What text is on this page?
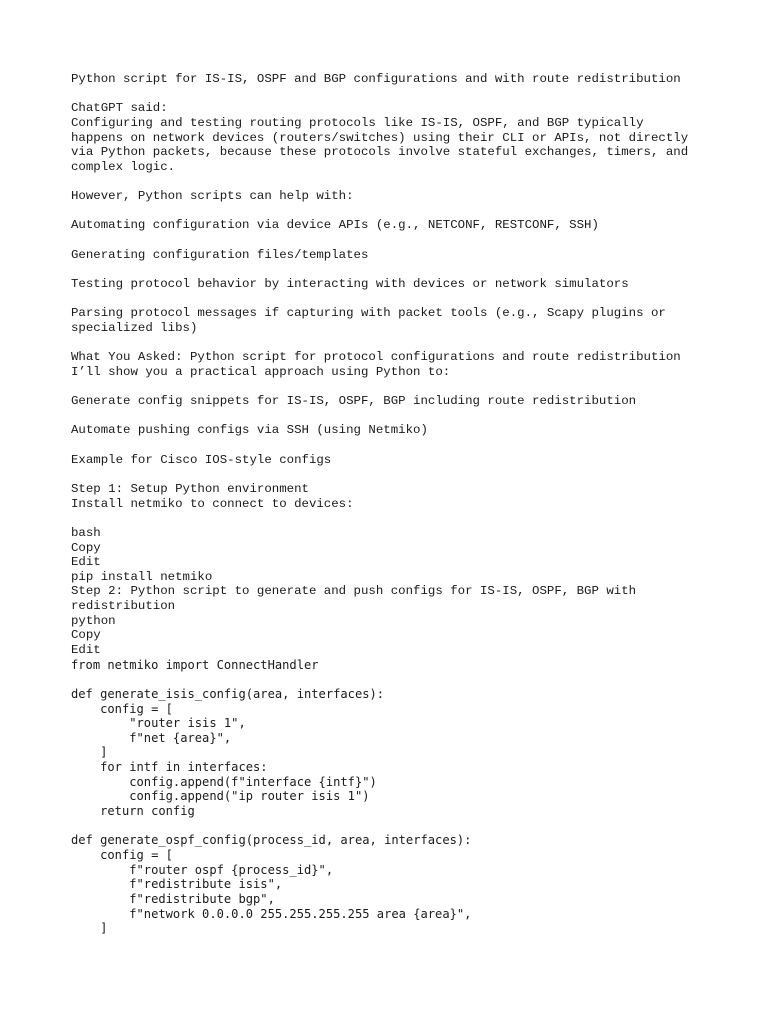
Python script for IS-IS, OSPF and BGP configurations and with route redistribution
ChatGPT said:
Configuring and testing routing protocols like IS-IS, OSPF, and BGP typically
happens on network devices (routers/switches) using their CLI or APIs, not directly
via Python packets, because these protocols involve stateful exchanges, timers, and
complex logic.
However, Python scripts can help with:
Automating configuration via device APIs (e.g., NETCONF, RESTCONF, SSH)
Generating configuration files/templates
Testing protocol behavior by interacting with devices or network simulators
Parsing protocol messages if capturing with packet tools (e.g., Scapy plugins or
specialized libs)
What You Asked: Python script for protocol configurations and route redistribution
I’ll show you a practical approach using Python to:
Generate config snippets for IS-IS, OSPF, BGP including route redistribution
Automate pushing configs via SSH (using Netmiko)
Example for Cisco IOS-style configs
Step 1: Setup Python environment
Install netmiko to connect to devices:
bash
Copy
Edit
pip install netmiko
Step 2: Python script to generate and push configs for IS-IS, OSPF, BGP with
redistribution
python
Copy
Edit
from netmiko import ConnectHandler
def generate_isis_config(area, interfaces):
config = [
"router isis 1",
f"net {area}",
]
for intf in interfaces:
config.append(f"interface {intf}")
config.append("ip router isis 1")
return config
def generate_ospf_config(process_id, area, interfaces):
config = [
f"router ospf {process_id}",
f"redistribute isis",
f"redistribute bgp",
f"network 0.0.0.0 255.255.255.255 area {area}",
]
